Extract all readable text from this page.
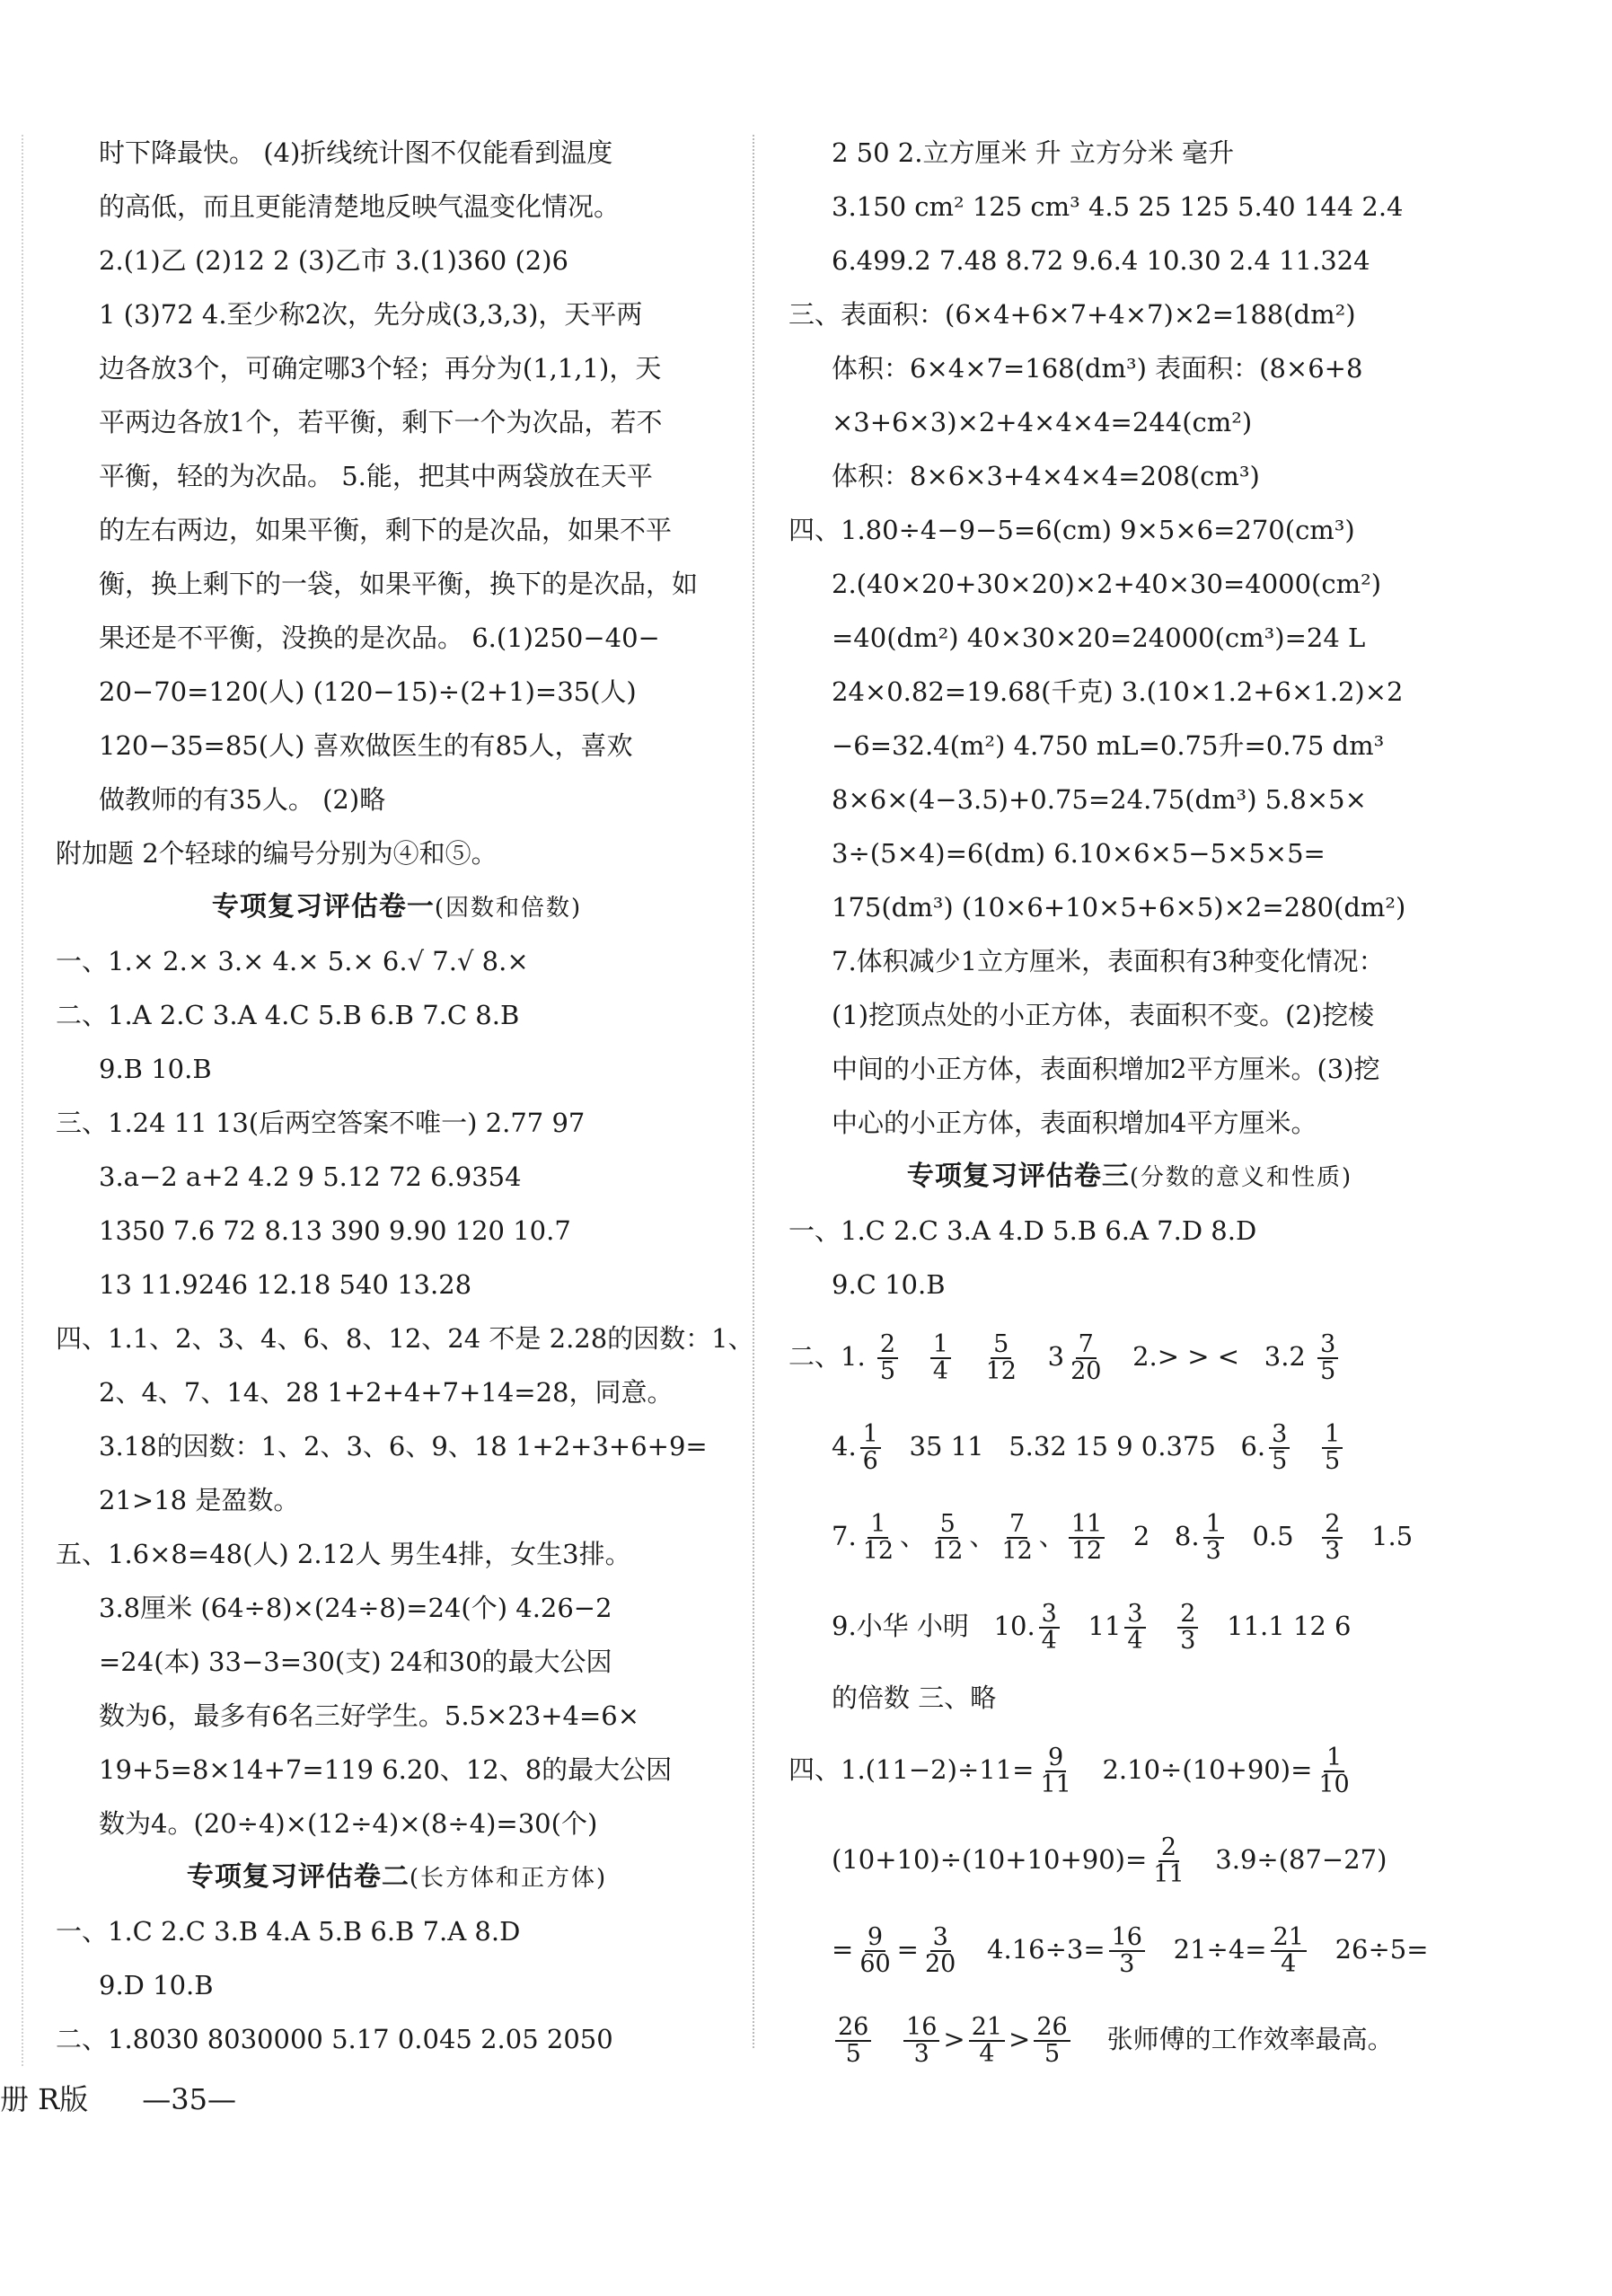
时下降最快。 (4)折线统计图不仅能看到温度
的高低，而且更能清楚地反映气温变化情况。
2.(1)乙 (2)12 2 (3)乙市 3.(1)360 (2)6
1 (3)72 4.至少称2次，先分成(3,3,3)，天平两
边各放3个，可确定哪3个轻；再分为(1,1,1)，天
平两边各放1个，若平衡，剩下一个为次品，若不
平衡，轻的为次品。 5.能，把其中两袋放在天平
的左右两边，如果平衡，剩下的是次品，如果不平
衡，换上剩下的一袋，如果平衡，换下的是次品，如
果还是不平衡，没换的是次品。 6.(1)250−40−
20−70=120(人) (120−15)÷(2+1)=35(人)
120−35=85(人) 喜欢做医生的有85人，喜欢
做教师的有35人。 (2)略
附加题 2个轻球的编号分别为④和⑤。
专项复习评估卷一(因数和倍数)
一、1.× 2.× 3.× 4.× 5.× 6.√ 7.√ 8.×
二、1.A 2.C 3.A 4.C 5.B 6.B 7.C 8.B
9.B 10.B
三、1.24 11 13(后两空答案不唯一) 2.77 97
3.a−2 a+2 4.2 9 5.12 72 6.9354
1350 7.6 72 8.13 390 9.90 120 10.7
13 11.9246 12.18 540 13.28
四、1.1、2、3、4、6、8、12、24 不是 2.28的因数：1、
2、4、7、14、28 1+2+4+7+14=28，同意。
3.18的因数：1、2、3、6、9、18 1+2+3+6+9=
21>18 是盈数。
五、1.6×8=48(人) 2.12人 男生4排，女生3排。
3.8厘米 (64÷8)×(24÷8)=24(个) 4.26−2
=24(本) 33−3=30(支) 24和30的最大公因
数为6，最多有6名三好学生。5.5×23+4=6×
19+5=8×14+7=119 6.20、12、8的最大公因
数为4。(20÷4)×(12÷4)×(8÷4)=30(个)
专项复习评估卷二(长方体和正方体)
一、1.C 2.C 3.B 4.A 5.B 6.B 7.A 8.D
9.D 10.B
二、1.8030 8030000 5.17 0.045 2.05 2050
2 50 2.立方厘米 升 立方分米 毫升
3.150 cm² 125 cm³ 4.5 25 125 5.40 144 2.4
6.499.2 7.48 8.72 9.6.4 10.30 2.4 11.324
三、表面积：(6×4+6×7+4×7)×2=188(dm²)
体积：6×4×7=168(dm³) 表面积：(8×6+8
×3+6×3)×2+4×4×4=244(cm²)
体积：8×6×3+4×4×4=208(cm³)
四、1.80÷4−9−5=6(cm) 9×5×6=270(cm³)
2.(40×20+30×20)×2+40×30=4000(cm²)
=40(dm²) 40×30×20=24000(cm³)=24 L
24×0.82=19.68(千克) 3.(10×1.2+6×1.2)×2
−6=32.4(m²) 4.750 mL=0.75升=0.75 dm³
8×6×(4−3.5)+0.75=24.75(dm³) 5.8×5×
3÷(5×4)=6(dm) 6.10×6×5−5×5×5=
175(dm³) (10×6+10×5+6×5)×2=280(dm²)
7.体积减少1立方厘米，表面积有3种变化情况：
(1)挖顶点处的小正方体，表面积不变。(2)挖棱
中间的小正方体，表面积增加2平方厘米。(3)挖
中心的小正方体，表面积增加4平方厘米。
专项复习评估卷三(分数的意义和性质)
一、1.C 2.C 3.A 4.D 5.B 6.A 7.D 8.D
9.C 10.B
二、1. $\frac{2}{5}$
$\frac{1}{4}$
$\frac{5}{12} 3 \frac{7}{20} 2.>$ > < $3.2 \frac{3}{5}$
4. $\frac{1}{6} 35$ 11 5.32 15 9 0.375 6. $\frac{3}{5}$
$\frac{1}{5}$
7. $\frac{1}{12}$ 、 $\frac{5}{12}$ 、 $\frac{7}{12}$ 、 $\frac{11}{12} 2$ 8. $\frac{1}{3} 0.5 \frac{2}{3} 1.5$
9.小华 小明 10. $\frac{3}{4} 11 \frac{3}{4}$
$\frac{2}{3} 11.1$ 12 6
的倍数 三、略
四、$1.(11-2)\div 11= \frac{9}{11} 2.10\div(10+90)= \frac{1}{10}$
$(10+10)\div(10+10+90)= \frac{2}{11} 3.9\div(87-27)$
= $\frac{9}{60} = \frac{3}{20} 4.16\div 3= \frac{16}{3} 21\div 4= \frac{21}{4} 26\div 5=$
$\frac{26}{5}$
$\frac{16}{3} > \frac{21}{4} > \frac{26}{5}$ 张师傅的工作效率最高。
册 R版 —35—
